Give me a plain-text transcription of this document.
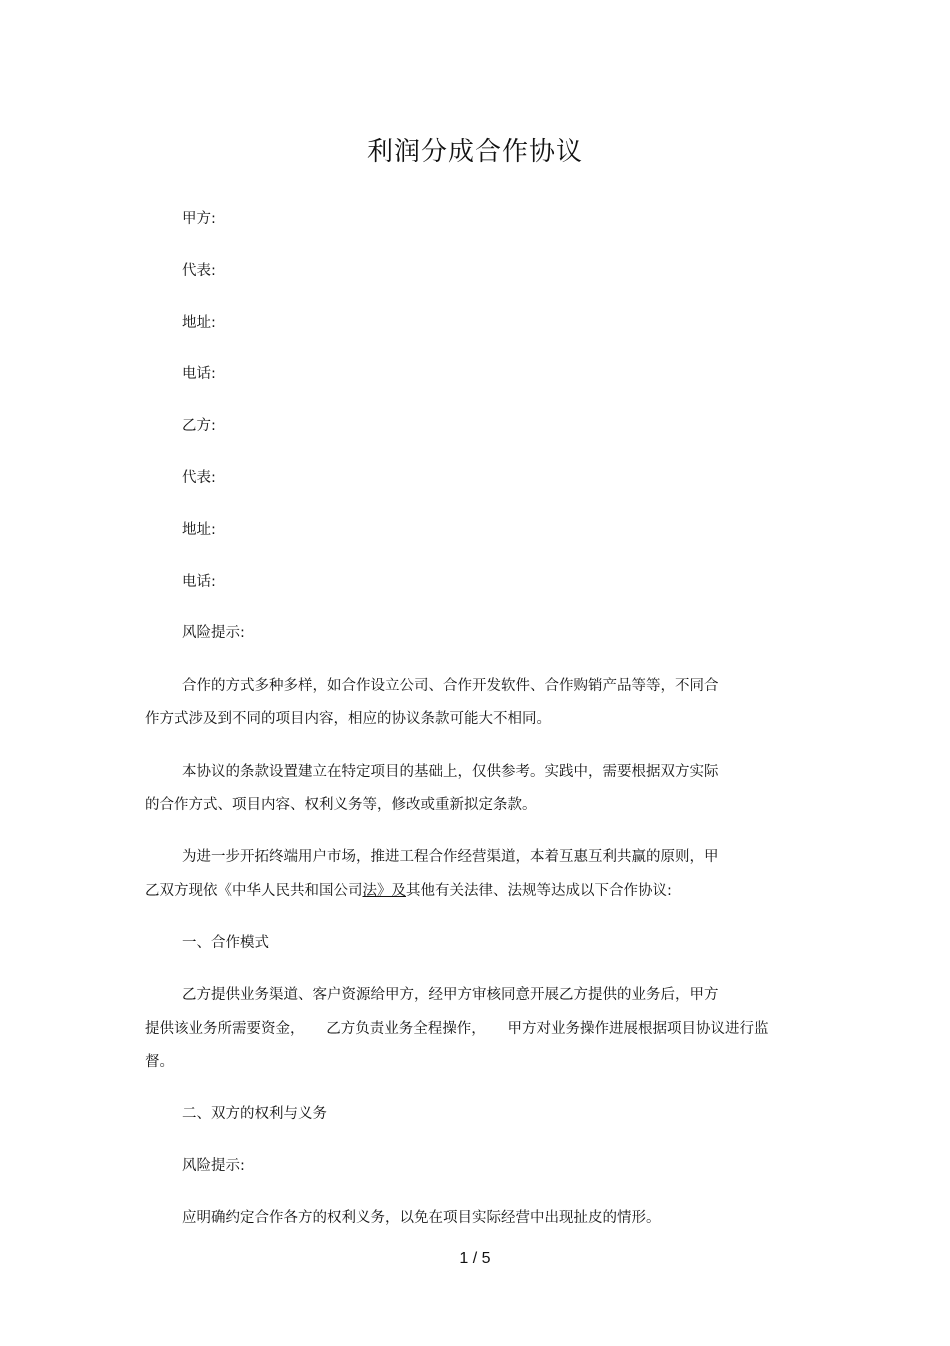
利润分成合作协议

甲方:

代表:

地址:

电话:

乙方:

代表:

地址:

电话:

风险提示:

合作的方式多种多样，如合作设立公司、合作开发软件、合作购销产品等等，不同合

作方式涉及到不同的项目内容，相应的协议条款可能大不相同。

本协议的条款设置建立在特定项目的基础上，仅供参考。实践中，需要根据双方实际

的合作方式、项目内容、权利义务等，修改或重新拟定条款。

为进一步开拓终端用户市场，推进工程合作经营渠道，本着互惠互利共赢的原则，甲

乙双方现依《中华人民共和国公司法》及其他有关法律、法规等达成以下合作协议:

一、合作模式

乙方提供业务渠道、客户资源给甲方，经甲方审核同意开展乙方提供的业务后，甲方

提供该业务所需要资金，　　乙方负责业务全程操作，　　甲方对业务操作进展根据项目协议进行监

督。

二、双方的权利与义务

风险提示:

应明确约定合作各方的权利义务，以免在项目实际经营中出现扯皮的情形。

1 / 5
